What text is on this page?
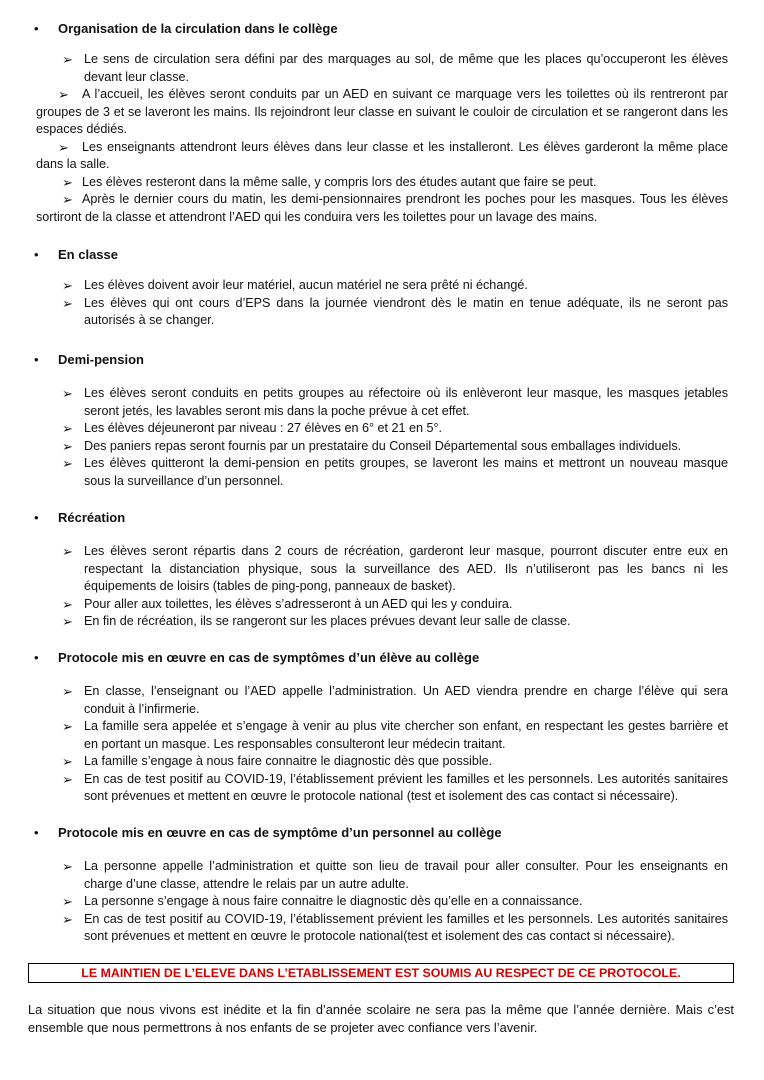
• Organisation de la circulation dans le collège
➢ Le sens de circulation sera défini par des marquages au sol, de même que les places qu’occuperont les élèves devant leur classe.
➢ A l’accueil, les élèves seront conduits par un AED en suivant ce marquage vers les toilettes où ils rentreront par groupes de 3 et se laveront les mains. Ils rejoindront leur classe en suivant le couloir de circulation et se rangeront dans les espaces dédiés.
➢ Les enseignants attendront leurs élèves dans leur classe et les installeront. Les élèves garderont la même place dans la salle.
➢ Les élèves resteront dans la même salle, y compris lors des études autant que faire se peut.
➢ Après le dernier cours du matin, les demi-pensionnaires prendront les poches pour les masques. Tous les élèves sortiront de la classe et attendront l’AED qui les conduira vers les toilettes pour un lavage des mains.
• En classe
➢ Les élèves doivent avoir leur matériel, aucun matériel ne sera prêté ni échangé.
➢ Les élèves qui ont cours d’EPS dans la journée viendront dès le matin en tenue adéquate, ils ne seront pas autorisés à se changer.
• Demi-pension
➢ Les élèves seront conduits en petits groupes au réfectoire où ils enlèveront leur masque, les masques jetables seront jetés, les lavables seront mis dans la poche prévue à cet effet.
➢ Les élèves déjeuneront par niveau : 27 élèves en 6° et 21 en 5°.
➢ Des paniers repas seront fournis par un prestataire du Conseil Départemental sous emballages individuels.
➢ Les élèves quitteront la demi-pension en petits groupes, se laveront les mains et mettront un nouveau masque sous la surveillance d’un personnel.
• Récréation
➢ Les élèves seront répartis dans 2 cours de récréation, garderont leur masque, pourront discuter entre eux en respectant la distanciation physique, sous la surveillance des AED. Ils n’utiliseront pas les bancs ni les équipements de loisirs (tables de ping-pong, panneaux de basket).
➢ Pour aller aux toilettes, les élèves s’adresseront à un AED qui les y conduira.
➢ En fin de récréation, ils se rangeront sur les places prévues devant leur salle de classe.
• Protocole mis en œuvre en cas de symptômes d’un élève au collège
➢ En classe, l’enseignant ou l’AED appelle l’administration. Un AED viendra prendre en charge l’élève qui sera conduit à l’infirmerie.
➢ La famille sera appelée et s’engage à venir au plus vite chercher son enfant, en respectant les gestes barrière et en portant un masque. Les responsables consulteront leur médecin traitant.
➢ La famille s’engage à nous faire connaitre le diagnostic dès que possible.
➢ En cas de test positif au COVID-19, l’établissement prévient les familles et les personnels. Les autorités sanitaires sont prévenues et mettent en œuvre le protocole national (test et isolement des cas contact si nécessaire).
• Protocole mis en œuvre en cas de symptôme d’un personnel au collège
➢ La personne appelle l’administration et quitte son lieu de travail pour aller consulter. Pour les enseignants en charge d’une classe, attendre le relais par un autre adulte.
➢ La personne s’engage à nous faire connaitre le diagnostic dès qu’elle en a connaissance.
➢ En cas de test positif au COVID-19, l’établissement prévient les familles et les personnels. Les autorités sanitaires sont prévenues et mettent en œuvre le protocole national(test et isolement des cas contact si nécessaire).
LE MAINTIEN DE L’ELEVE DANS L’ETABLISSEMENT EST SOUMIS AU RESPECT DE CE PROTOCOLE.
La situation que nous vivons est inédite et la fin d’année scolaire ne sera pas la même que l’année dernière. Mais c’est ensemble que nous permettrons à nos enfants de se projeter avec confiance vers l’avenir.
